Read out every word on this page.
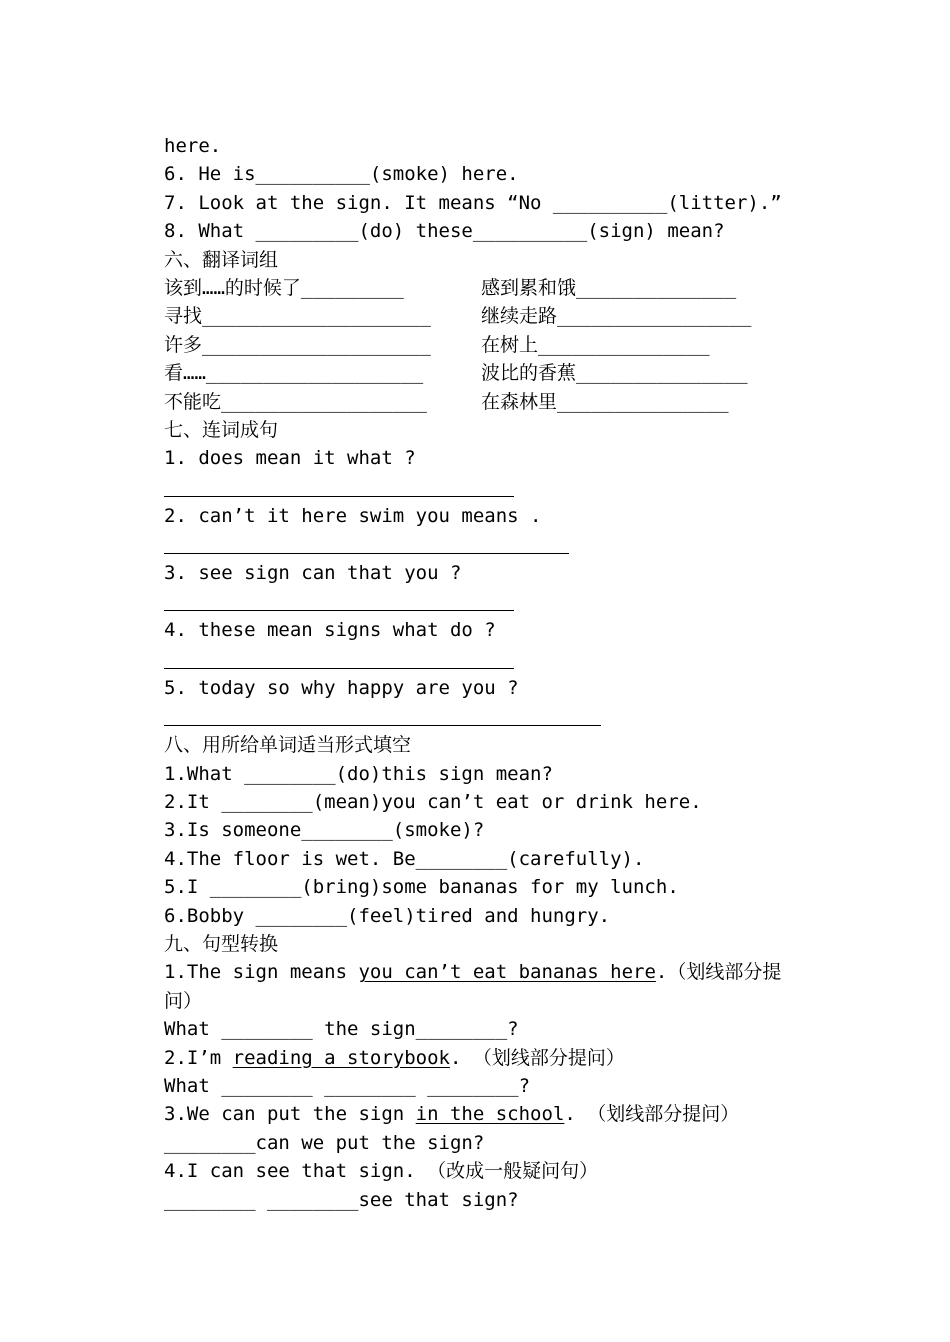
here.
6. He is__________(smoke) here.
7. Look at the sign. It means “No __________(litter).”
8. What _________(do) these__________(sign) mean?
六、翻译词组
该到……的时候了_________	感到累和饿______________
寻找____________________	继续走路_________________
许多____________________	在树上_______________
看……___________________	波比的香蕉_______________
不能吃__________________	在森林里_______________
七、连词成句
1. does mean it what ?
2. can’t it here swim you means .
3. see sign can that you ?
4. these mean signs what do ?
5. today so why happy are you ?
八、用所给单词适当形式填空
1.What ________(do)this sign mean?
2.It ________(mean)you can’t eat or drink here.
3.Is someone________(smoke)?
4.The floor is wet. Be________(carefully).
5.I ________(bring)some bananas for my lunch.
6.Bobby ________(feel)tired and hungry.
九、句型转换
1.The sign means you can’t eat bananas here.（划线部分提
问）
What ________ the sign________?
2.I’m reading a storybook. （划线部分提问）
What ________ ________ ________?
3.We can put the sign in the school. （划线部分提问）
________can we put the sign?
4.I can see that sign. （改成一般疑问句）
________ ________see that sign?
